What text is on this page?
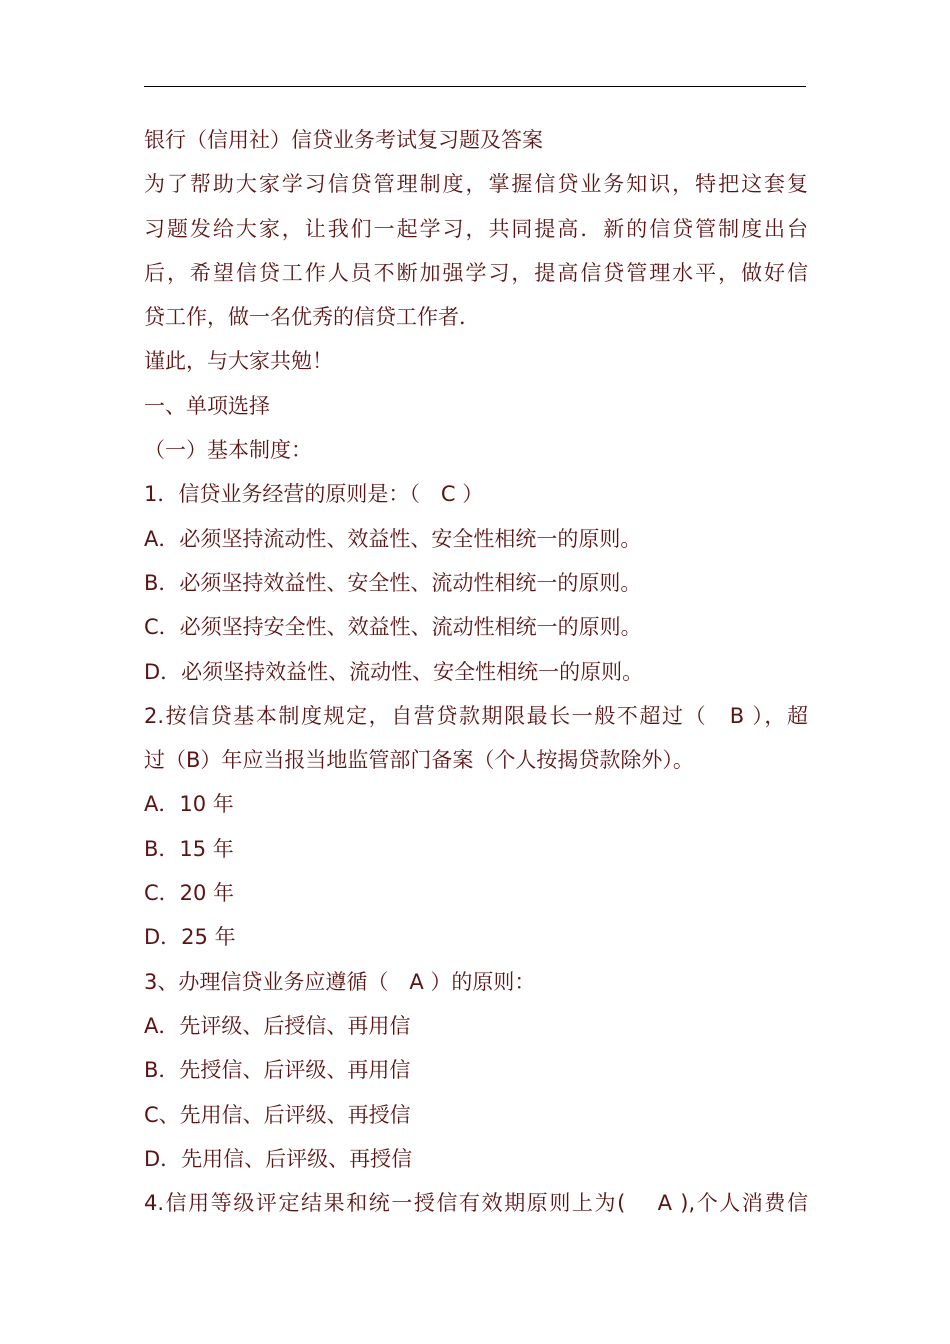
银行（信用社）信贷业务考试复习题及答案
为了帮助大家学习信贷管理制度，掌握信贷业务知识，特把这套复
习题发给大家，让我们一起学习，共同提高．新的信贷管制度出台
后，希望信贷工作人员不断加强学习，提高信贷管理水平，做好信
贷工作，做一名优秀的信贷工作者．
谨此，与大家共勉！
一、单项选择
（一）基本制度：
1．信贷业务经营的原则是：（　C ）
A．必须坚持流动性、效益性、安全性相统一的原则。
B．必须坚持效益性、安全性、流动性相统一的原则。
C．必须坚持安全性、效益性、流动性相统一的原则。
D．必须坚持效益性、流动性、安全性相统一的原则。
2.按信贷基本制度规定，自营贷款期限最长一般不超过（　B ），超
过（B）年应当报当地监管部门备案（个人按揭贷款除外）。
A．10 年
B．15 年
C．20 年
D．25 年
3、办理信贷业务应遵循（　A ）的原则：
A．先评级、后授信、再用信
B．先授信、后评级、再用信
C、先用信、后评级、再授信
D．先用信、后评级、再授信
4.信用等级评定结果和统一授信有效期原则上为(　 A ),个人消费信
